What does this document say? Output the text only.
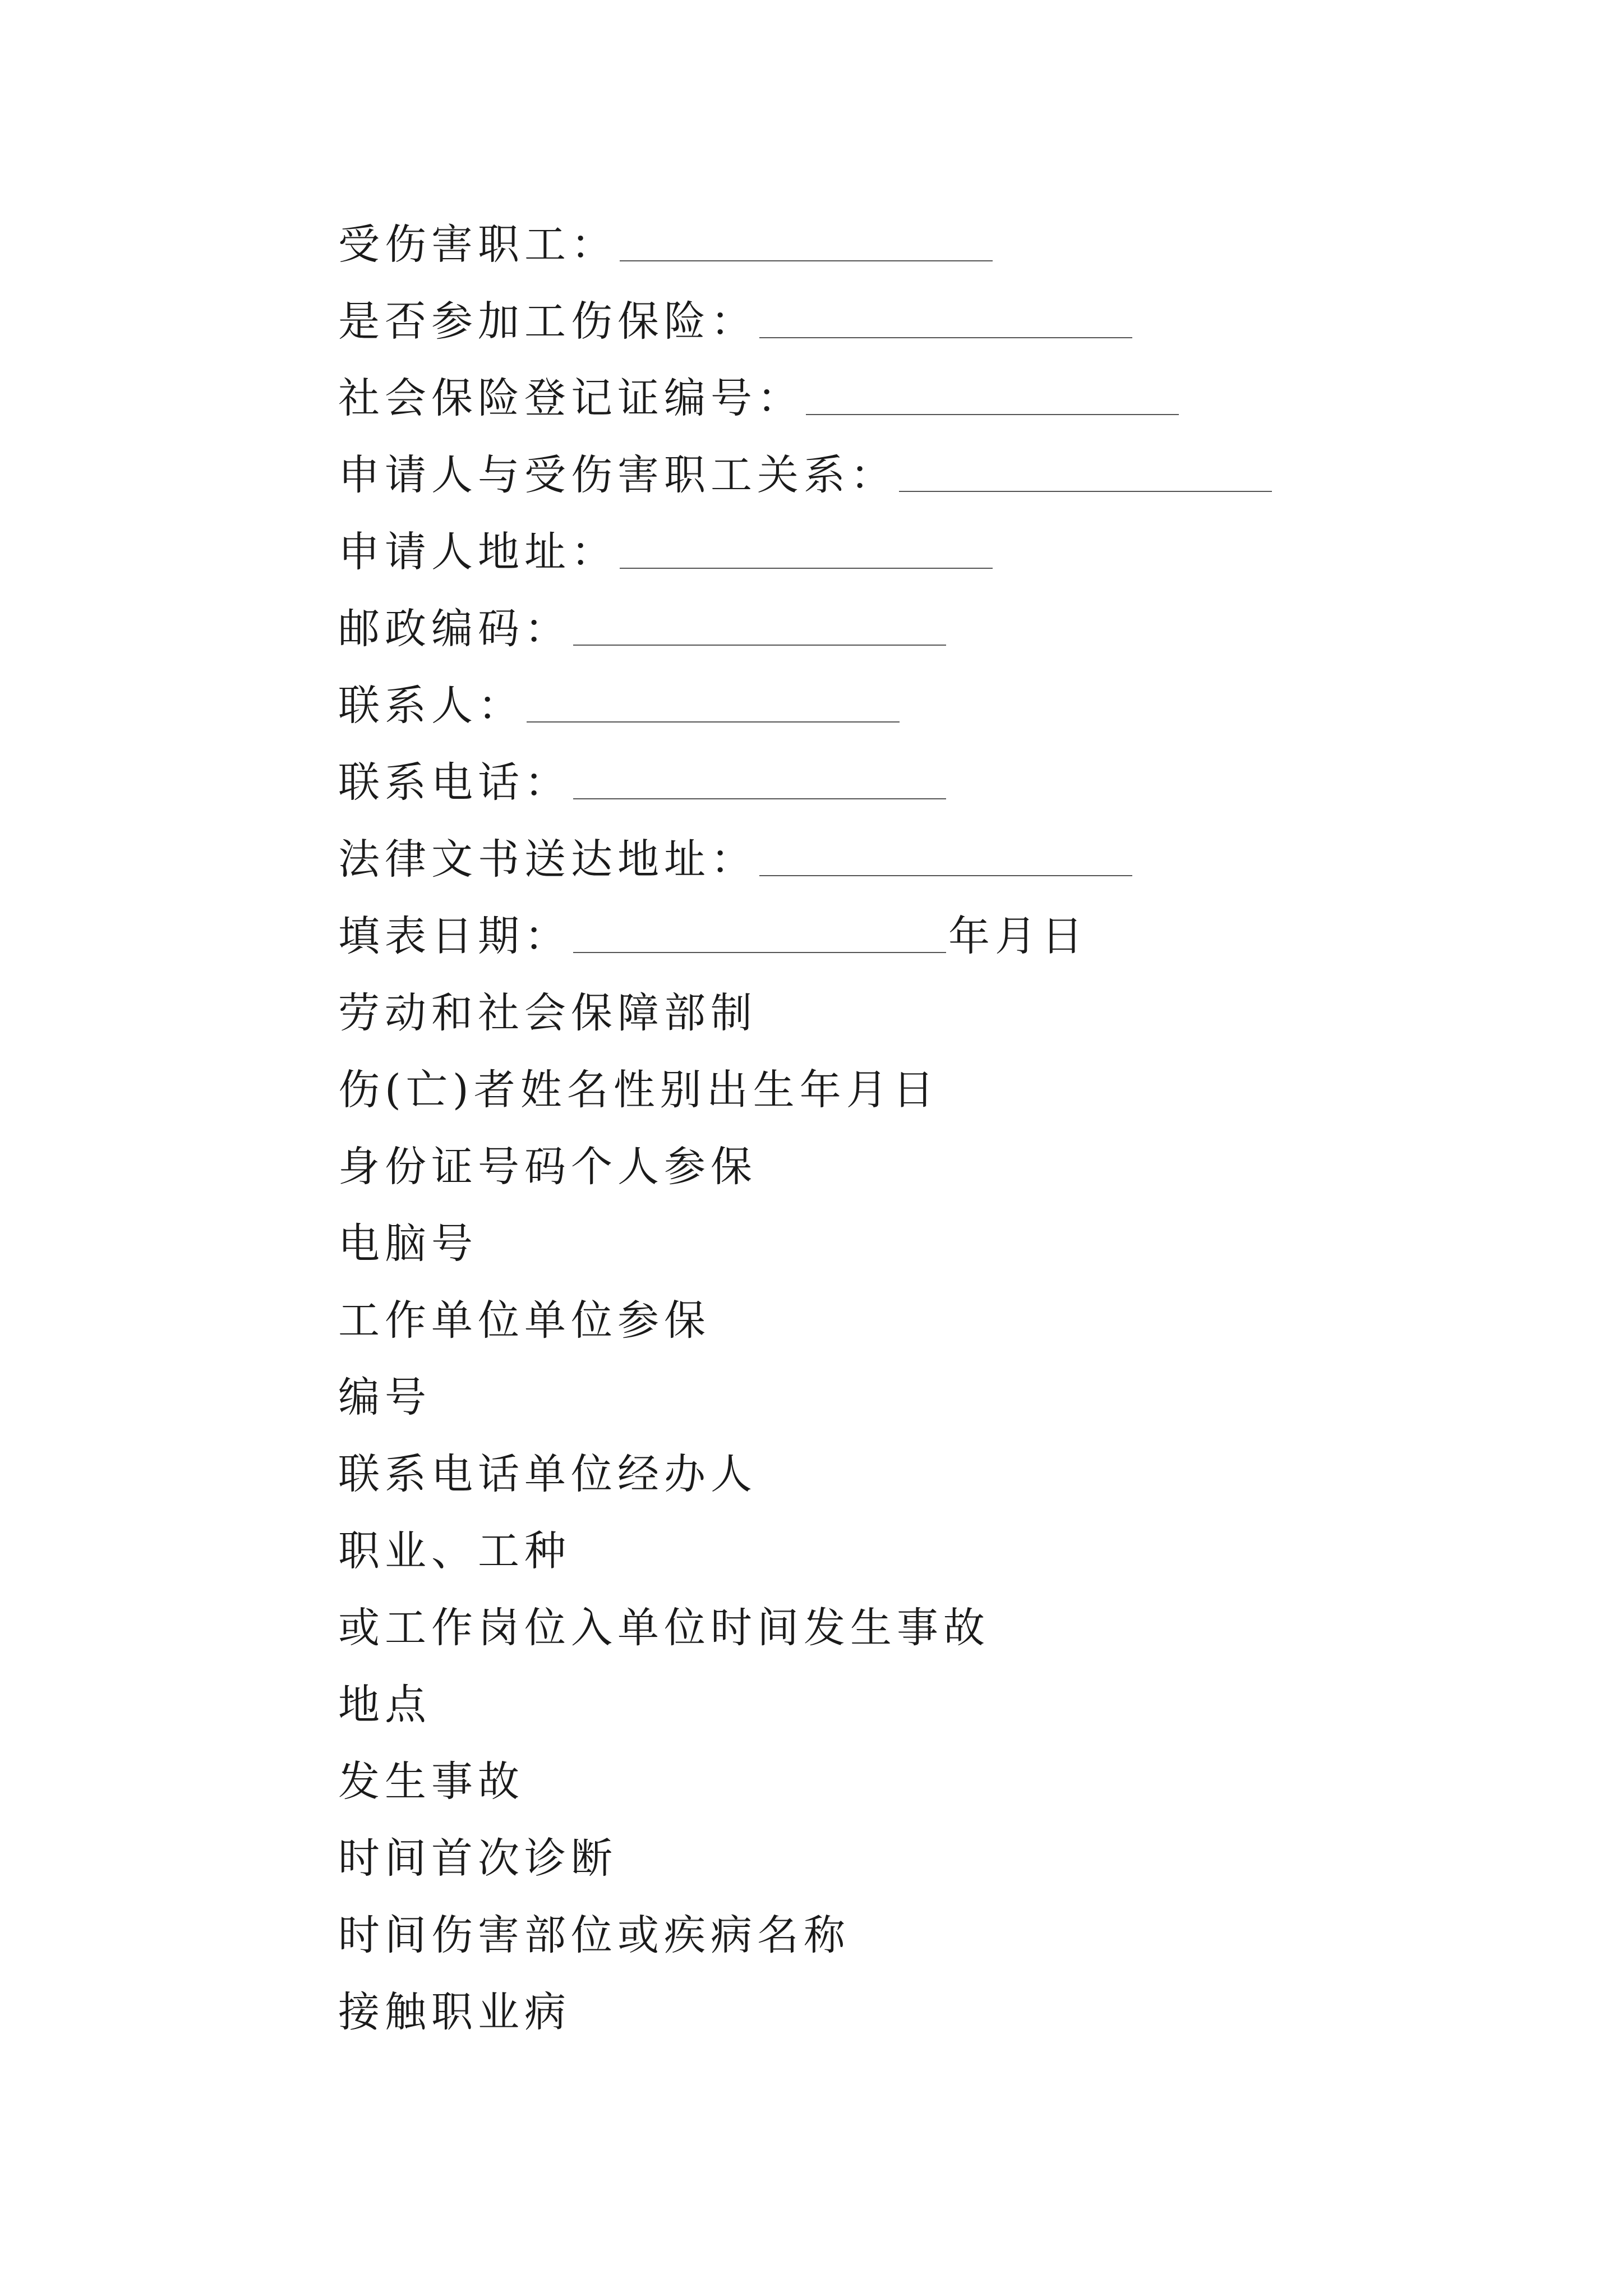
受伤害职工：
是否参加工伤保险：
社会保险登记证编号：
申请人与受伤害职工关系：
申请人地址：
邮政编码：
联系人：
联系电话：
法律文书送达地址：
填表日期：	年月日
劳动和社会保障部制
伤(亡)者姓名性别出生年月日
身份证号码个人参保
电脑号
工作单位单位参保
编号
联系电话单位经办人
职业、工种
或工作岗位入单位时间发生事故
地点
发生事故
时间首次诊断
时间伤害部位或疾病名称
接触职业病
